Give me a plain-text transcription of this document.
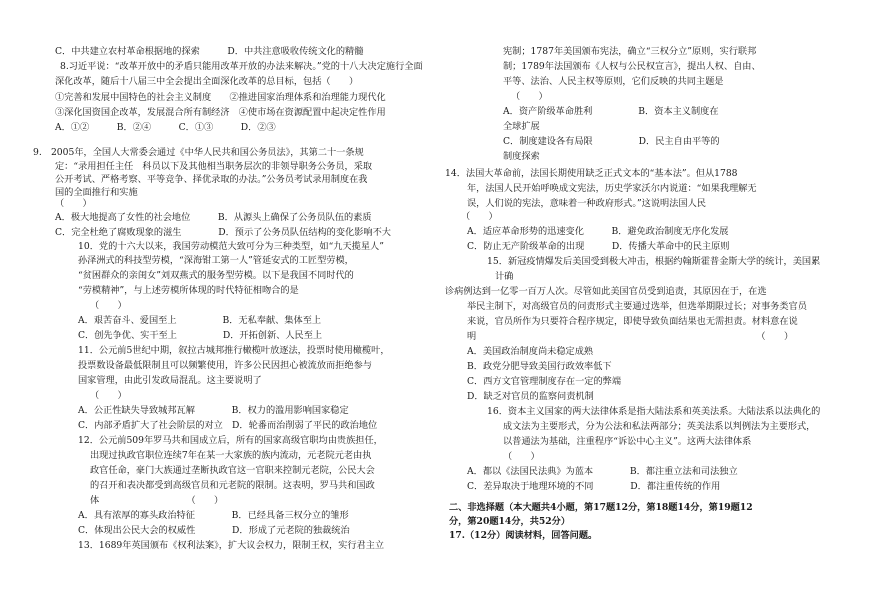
C．中共建立农村革命根据地的探索　　　D．中共注意吸收传统文化的精髓
8.习近平说：“改革开放中的矛盾只能用改革开放的办法来解决。”党的十八大决定施行全面
深化改革，随后十八届三中全会提出全面深化改革的总目标，包括（　　）
①完善和发展中国特色的社会主义制度　　②推进国家治理体系和治理能力现代化
③深化国资国企改革，发展混合所有制经济　④使市场在资源配置中起决定性作用
A．①②　　　B．②④　　　C．①③　　　D．②③
9.　2005年，全国人大常委会通过《中华人民共和国公务员法》，其第二十一条规
定：“录用担任主任　科员以下及其他相当职务层次的非领导职务公务员，采取
公开考试、严格考察、平等竞争、择优录取的办法。”公务员考试录用制度在我
国的全面推行和实施
（　　）
A．极大地提高了女性的社会地位　　　B．从源头上确保了公务员队伍的素质
C．完全杜绝了腐败现象的滋生　　　　D．预示了公务员队伍结构的变化影响不大
10．党的十六大以来，我国劳动模范大致可分为三种类型，如“九天揽星人”
孙泽洲式的科技型劳模，“深海钳工第一人”管延安式的工匠型劳模，
“贫困群众的亲闺女”刘双燕式的服务型劳模。以下是我国不同时代的
“劳模精神”，与上述劳模所体现的时代特征相吻合的是
（　　）
A．艰苦奋斗、爱国至上　　　　　B．无私奉献、集体至上
C．创先争优、实干至上　　　　　D．开拓创新、人民至上
11．公元前5世纪中期，叙拉古城邦推行橄榄叶放逐法，投票时使用橄榄叶，
投票数设备最低限制且可以频繁使用，许多公民因担心被流放而拒绝参与
国家管理，由此引发政局混乱。这主要说明了
（　　）
A．公正性缺失导致城邦瓦解　　　　B．权力的滥用影响国家稳定
C．内部矛盾扩大了社会阶层的对立　D．轮番而治削弱了平民的政治地位
12．公元前509年罗马共和国成立后，所有的国家高级官职均由贵族担任，
出现过执政官职位连续7年在某一大家族的族内流动，元老院元老由执
政官任命，豪门大族通过垄断执政官这一官职来控制元老院，公民大会
的召开和表决都受到高级官员和元老院的限制。这表明，罗马共和国政
体　　　　　　　　　　（　　）
A．具有浓厚的寡头政治特征　　　　B．已经具备三权分立的雏形
C．体现出公民大会的权威性　　　　D．形成了元老院的独裁统治
13．1689年英国颁布《权利法案》，扩大议会权力，限制王权，实行君主立
宪制；1787年美国颁布宪法，确立“三权分立”原则，实行联邦
制；1789年法国颁布《人权与公民权宣言》，提出人权、自由、
平等、法治、人民主权等原则，它们反映的共同主题是
（　　）
A．资产阶级革命胜利　　　　　B．资本主义制度在
全球扩展
C．制度建设各有局限　　　　　D．民主自由平等的
制度探索
14．法国大革命前，法国长期使用缺乏正式文本的“基本法”。但从1788
年，法国人民开始呼唤成文宪法，历史学家沃尔内说道：“如果我理解无
误，人们说的宪法，意味着一种政府形式。”这说明法国人民
（　　）
A．适应革命形势的迅速变化　　　B．避免政治制度无序化发展
C．防止无产阶级革命的出现　　　D．传播大革命中的民主原则
15．新冠疫情爆发后美国受到极大冲击，根据约翰斯霍普金斯大学的统计，美国累
计确
诊病例达到一亿零一百万人次。尽管如此美国官员受到追责，其原因在于，在选
举民主制下，对高级官员的问责形式主要通过选举，但选举期限过长；对事务类官员
来说，官员所作为只要符合程序规定，即使导致负面结果也无需担责。材料意在说
明　　　　　　　　　　　　　　　　　　　　　　　　　　　　　　　（　　）
A．美国政治制度尚未稳定成熟
B．政党分肥导致美国行政效率低下
C．西方文官管理制度存在一定的弊端
D．缺乏对官员的监察问责机制
16．资本主义国家的两大法律体系是指大陆法系和英美法系。大陆法系以法典化的
成文法为主要形式，分为公法和私法两部分；英美法系以判例法为主要形式，
以普通法为基础，注重程序“诉讼中心主义”。这两大法律体系
（　　）
A．都以《法国民法典》为蓝本　　　　B．都注重立法和司法独立
C．差异取决于地理环境的不同　　　　D．都注重传统的作用
二、非选择题（本大题共4小题，第17题12分，第18题14分，第19题12
分，第20题14分，共52分）
17.（12分）阅读材料，回答问题。
